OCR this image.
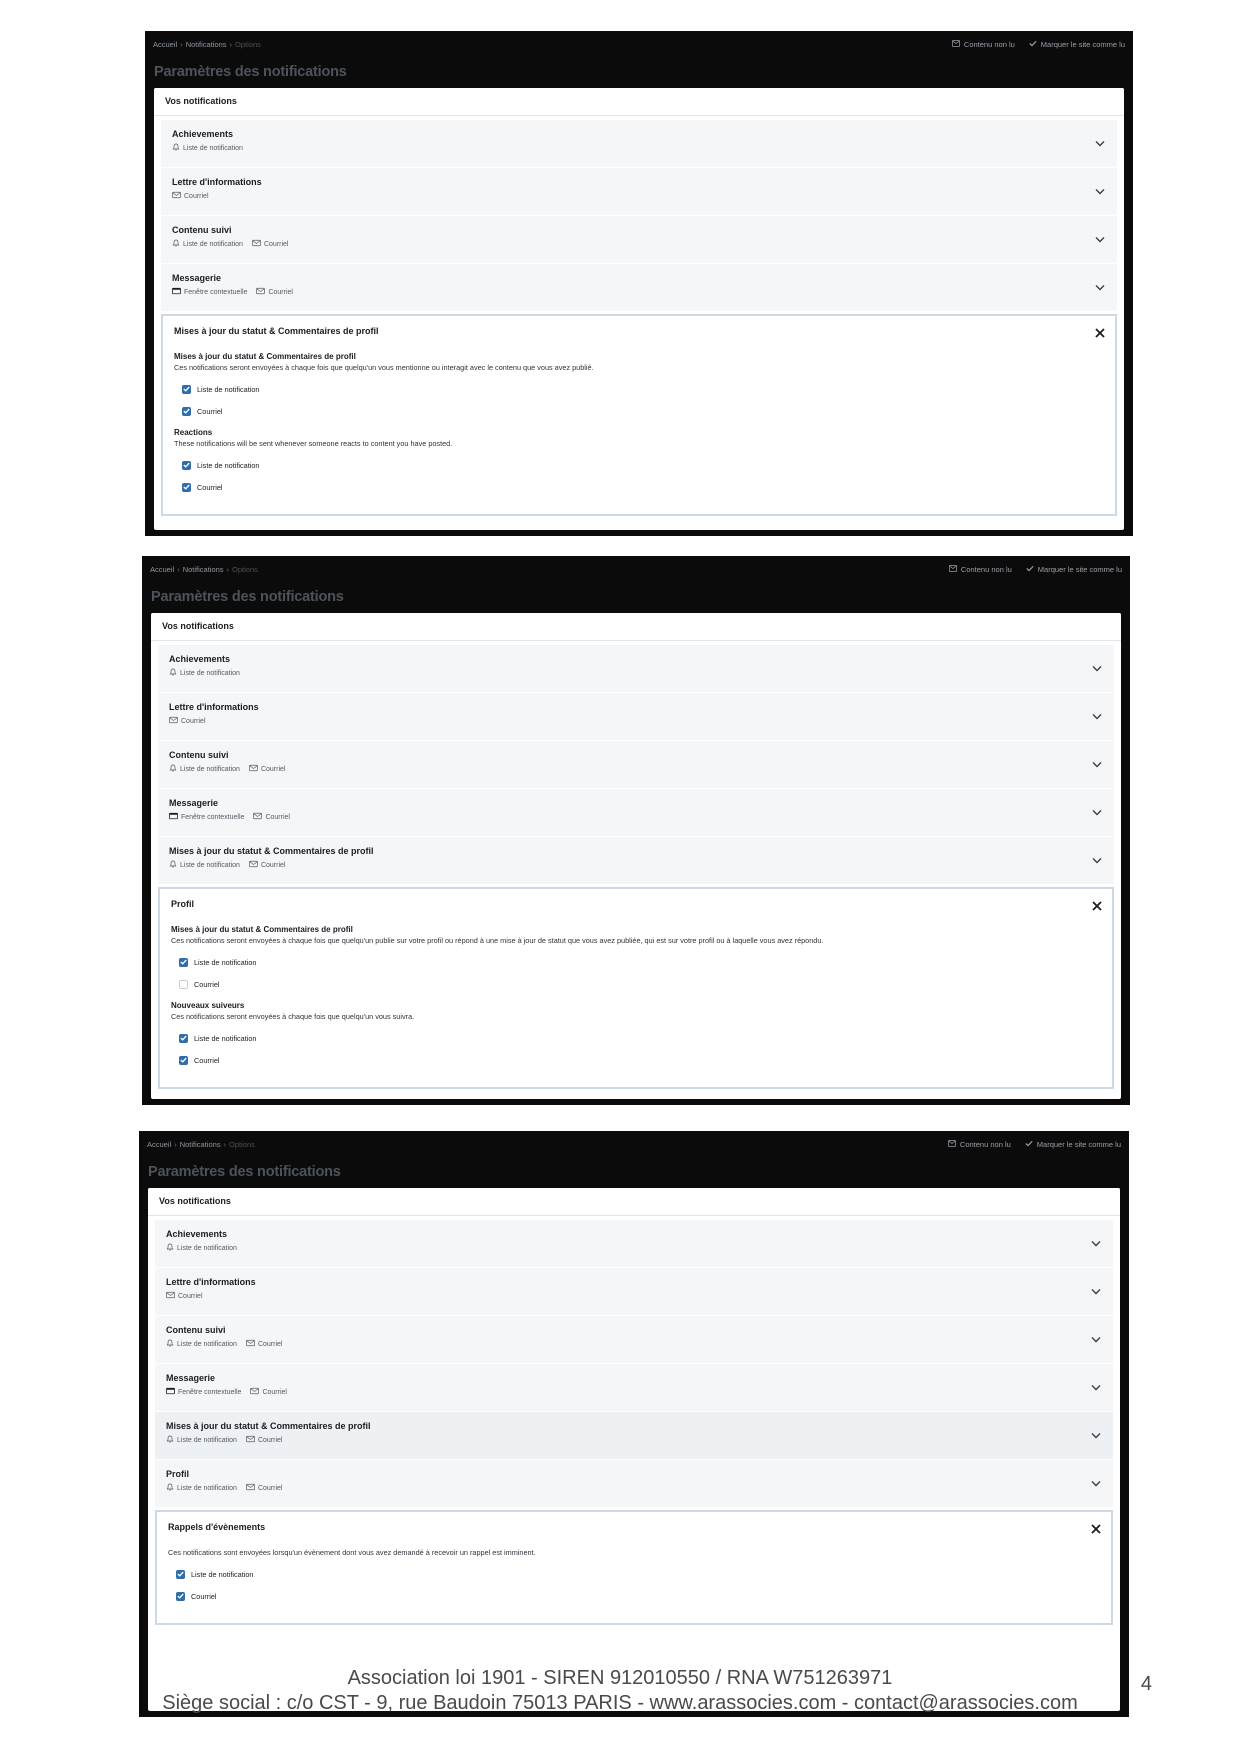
Accueil › Notifications › Options	Contenu non lu	Marquer le site comme lu
Paramètres des notifications
Vos notifications
Achievements
Liste de notification
Lettre d'informations
Courriel
Contenu suivi
Liste de notification	Courriel
Messagerie
Fenêtre contextuelle	Courriel
Mises à jour du statut & Commentaires de profil
Mises à jour du statut & Commentaires de profil
Ces notifications seront envoyées à chaque fois que quelqu'un vous mentionne ou interagit avec le contenu que vous avez publié.
Liste de notification
Courriel
Reactions
These notifications will be sent whenever someone reacts to content you have posted.
Liste de notification
Courriel
Accueil › Notifications › Options	Contenu non lu	Marquer le site comme lu
Paramètres des notifications
Vos notifications
Achievements
Liste de notification
Lettre d'informations
Courriel
Contenu suivi
Liste de notification	Courriel
Messagerie
Fenêtre contextuelle	Courriel
Mises à jour du statut & Commentaires de profil
Liste de notification	Courriel
Profil
Mises à jour du statut & Commentaires de profil
Ces notifications seront envoyées à chaque fois que quelqu'un publie sur votre profil ou répond à une mise à jour de statut que vous avez publiée, qui est sur votre profil ou à laquelle vous avez répondu.
Liste de notification
Courriel
Nouveaux suiveurs
Ces notifications seront envoyées à chaque fois que quelqu'un vous suivra.
Liste de notification
Courriel
Accueil › Notifications › Options	Contenu non lu	Marquer le site comme lu
Paramètres des notifications
Vos notifications
Achievements
Liste de notification
Lettre d'informations
Courriel
Contenu suivi
Liste de notification	Courriel
Messagerie
Fenêtre contextuelle	Courriel
Mises à jour du statut & Commentaires de profil
Liste de notification	Courriel
Profil
Liste de notification	Courriel
Rappels d'évènements
Ces notifications sont envoyées lorsqu'un évènement dont vous avez demandé à recevoir un rappel est imminent.
Liste de notification
Courriel
Association loi 1901 - SIREN 912010550 / RNA W751263971
Siège social : c/o CST - 9, rue Baudoin 75013 PARIS - www.arassocies.com - contact@arassocies.com
4
